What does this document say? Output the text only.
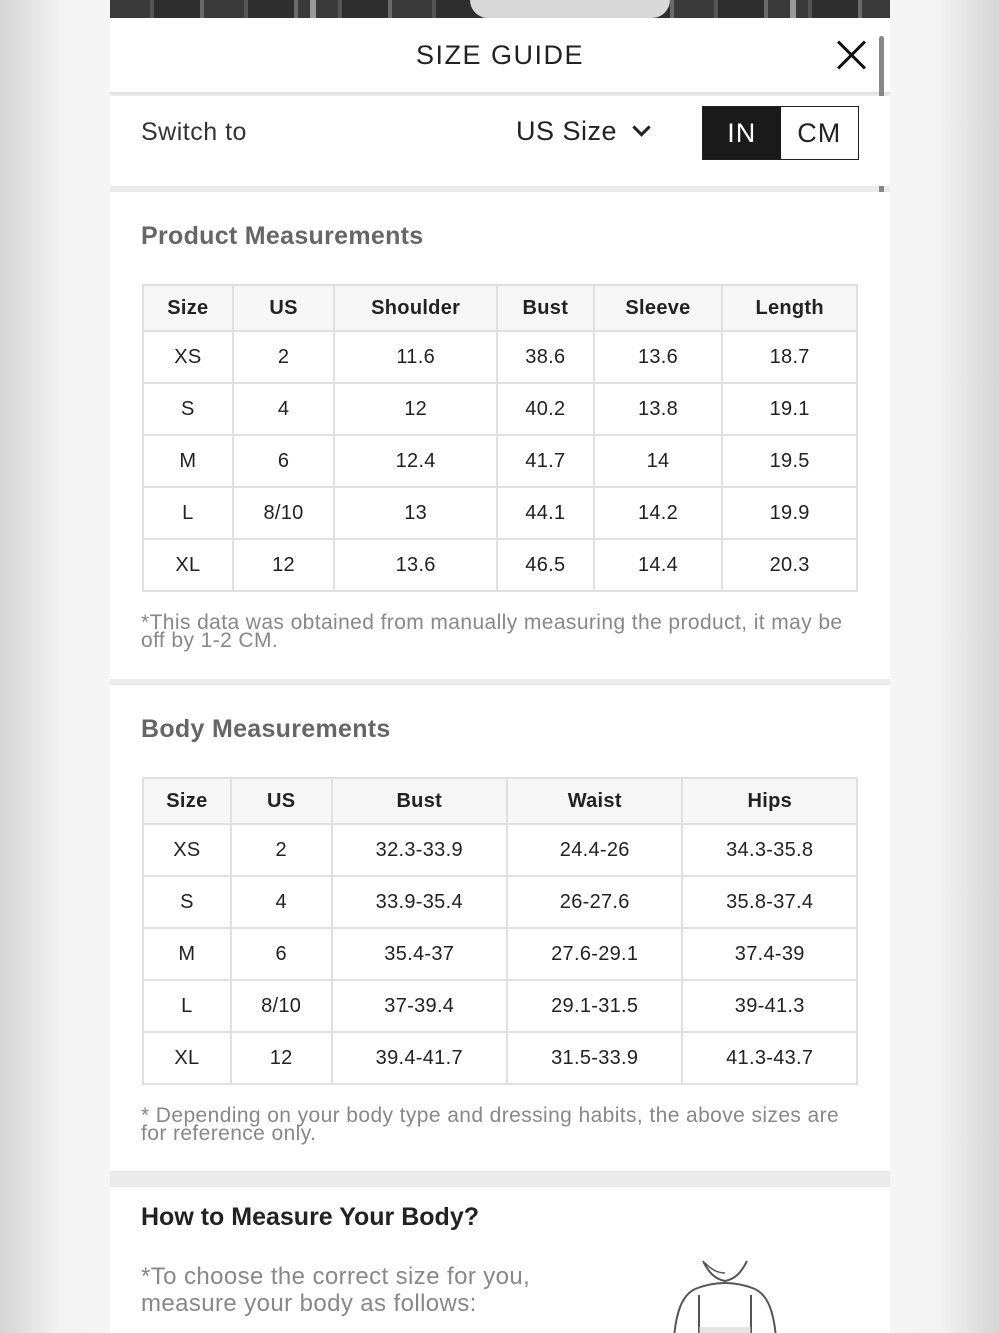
SIZE GUIDE
Switch to	US Size	IN	CM
Product Measurements
Size	US	Shoulder	Bust	Sleeve	Length
XS	2	11.6	38.6	13.6	18.7
S	4	12	40.2	13.8	19.1
M	6	12.4	41.7	14	19.5
L	8/10	13	44.1	14.2	19.9
XL	12	13.6	46.5	14.4	20.3
*This data was obtained from manually measuring the product, it may be off by 1-2 CM.
Body Measurements
Size	US	Bust	Waist	Hips
XS	2	32.3-33.9	24.4-26	34.3-35.8
S	4	33.9-35.4	26-27.6	35.8-37.4
M	6	35.4-37	27.6-29.1	37.4-39
L	8/10	37-39.4	29.1-31.5	39-41.3
XL	12	39.4-41.7	31.5-33.9	41.3-43.7
* Depending on your body type and dressing habits, the above sizes are for reference only.
How to Measure Your Body?
*To choose the correct size for you, measure your body as follows:
